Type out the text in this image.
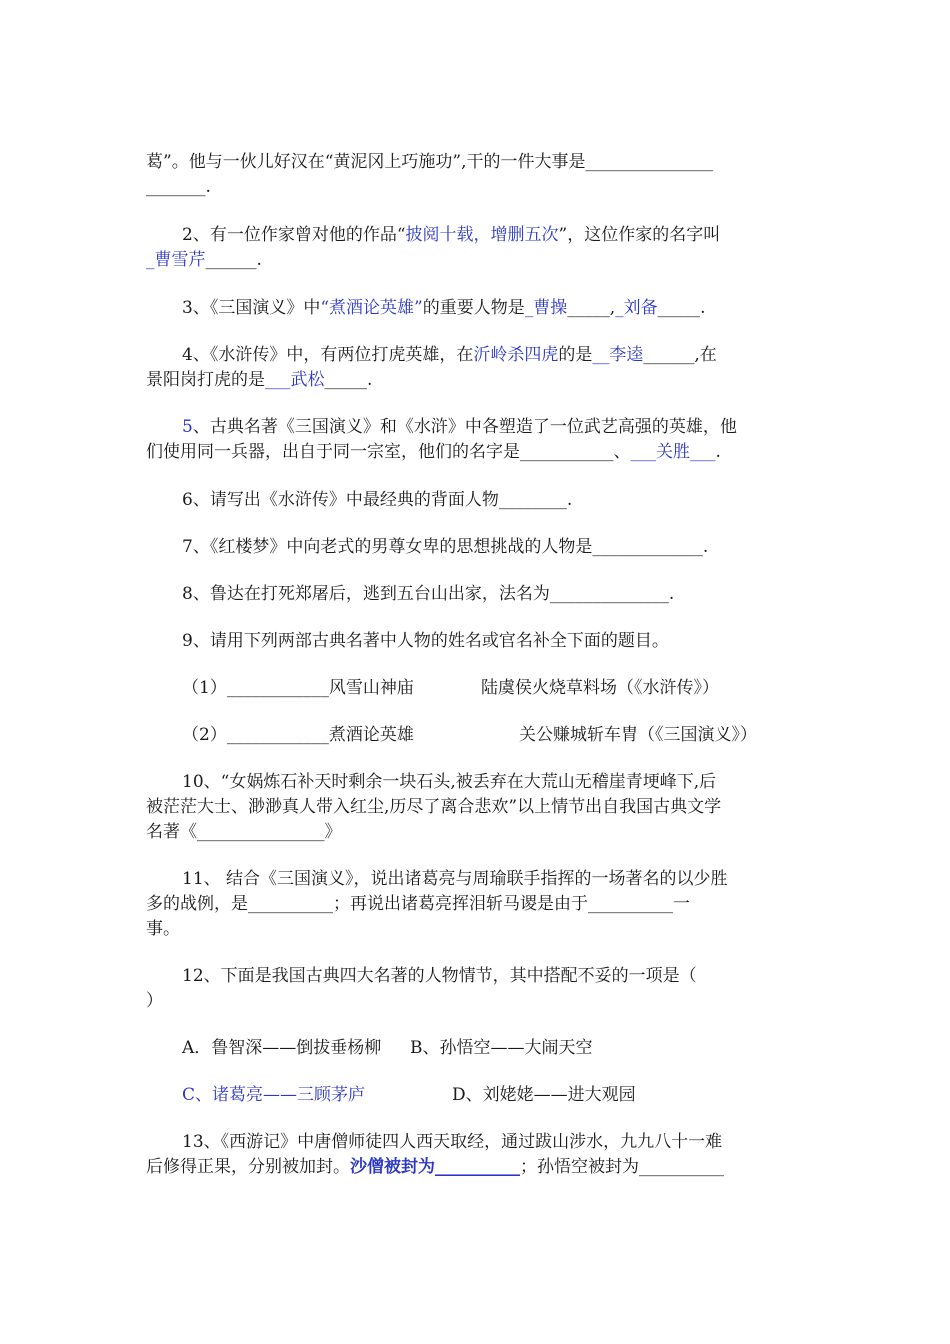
葛”。他与一伙儿好汉在“黄泥冈上巧施功”,干的一件大事是_______________
_______.
2、有一位作家曾对他的作品“披阅十载，增删五次”，这位作家的名字叫
_曹雪芹______.
3、《三国演义》中“煮酒论英雄”的重要人物是_曹操_____,_刘备_____.
4、《水浒传》中，有两位打虎英雄，在沂岭杀四虎的是__李逵______,在
景阳岗打虎的是___武松_____.
5、古典名著《三国演义》和《水浒》中各塑造了一位武艺高强的英雄，他
们使用同一兵器，出自于同一宗室，他们的名字是___________、___关胜___.
6、请写出《水浒传》中最经典的背面人物________.
7、《红楼梦》中向老式的男尊女卑的思想挑战的人物是_____________.
8、鲁达在打死郑屠后，逃到五台山出家，法名为______________.
9、请用下列两部古典名著中人物的姓名或官名补全下面的题目。
（1）____________风雪山神庙	陆虞侯火烧草料场（《水浒传》）
（2）____________煮酒论英雄	关公赚城斩车胄（《三国演义》）
10、“女娲炼石补天时剩余一块石头,被丢弃在大荒山无稽崖青埂峰下,后
被茫茫大士、渺渺真人带入红尘,历尽了离合悲欢”以上情节出自我国古典文学
名著《_______________》
11、 结合《三国演义》，说出诸葛亮与周瑜联手指挥的一场著名的以少胜
多的战例，是__________；再说出诸葛亮挥泪斩马谡是由于__________一
事。
12、下面是我国古典四大名著的人物情节，其中搭配不妥的一项是（
）
A．鲁智深——倒拔垂杨柳 B、孙悟空——大闹天空
C、诸葛亮——三顾茅庐	D、刘姥姥——进大观园
13、《西游记》中唐僧师徒四人西天取经，通过跋山涉水，九九八十一难
后修得正果，分别被加封。沙僧被封为__________；孙悟空被封为__________
